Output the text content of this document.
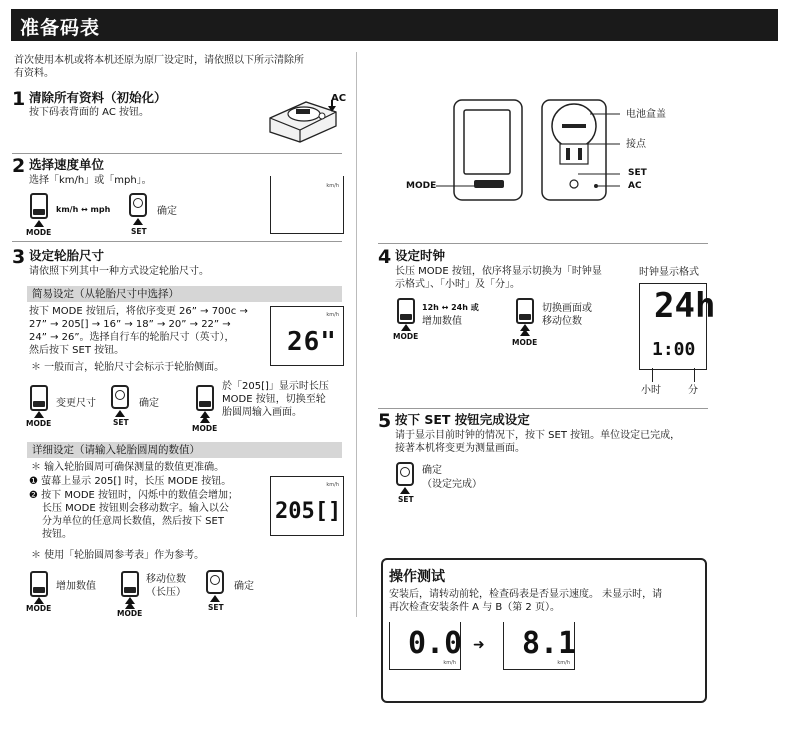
准备码表
首次使用本机或将本机还原为原厂设定时，请依照以下所示清除所
有资料。
1 清除所有资料（初始化）
按下码表背面的 AC 按钮。
AC
2 选择速度单位
选择「km/h」或「mph」。
MODE
km/h ↔ mph
SET
确定
km/h
3 设定轮胎尺寸
请依照下列其中一种方式设定轮胎尺寸。
简易设定（从轮胎尺寸中选择）
按下 MODE 按钮后，将依序变更 26” → 700c →
27” → 205[] → 16” → 18” → 20” → 22” →
24” → 26”。选择自行车的轮胎尺寸（英寸），
然后按下 SET 按钮。
km/h
26"
＊ 一般而言，轮胎尺寸会标示于轮胎侧面。
MODE
变更尺寸
SET
确定
MODE
於「205[]」显示时长压
MODE 按钮，切换至轮
胎圆周输入画面。
详细设定（请输入轮胎圆周的数值）
＊ 输入轮胎圆周可确保测量的数值更准确。
❶ 萤幕上显示 205[] 时，长压 MODE 按钮。
❷ 按下 MODE 按钮时，闪烁中的数值会增加；
长压 MODE 按钮则会移动数字。输入以公
分为单位的任意周长数值，然后按下 SET
按钮。
km/h
205[]
＊ 使用「轮胎圆周参考表」作为参考。
MODE
增加数值
MODE
移动位数
（长压）
SET
确定
电池盒盖
接点
SET
AC
MODE
4 设定时钟
长压 MODE 按钮，依序将显示切换为「时钟显
示格式」、「小时」及「分」。
MODE
12h ↔ 24h 或
增加数值
MODE
切换画面或
移动位数
时钟显示格式
24h
1:00
小时	分
5 按下 SET 按钮完成设定
请于显示目前时钟的情况下，按下 SET 按钮。单位设定已完成，
接著本机将变更为测量画面。
SET
确定
（设定完成）
操作测试
安装后，请转动前轮，检查码表是否显示速度。 未显示时，请
再次检查安装条件 A 与 B（第 2 页）。
0.0
km/h
➜ 8.1
km/h
